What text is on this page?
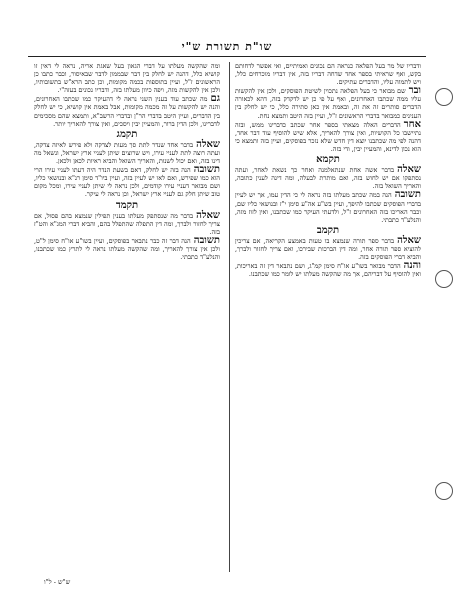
שו"ת תשורת ש"י

ודבריו של מר בעל הפלאה כנראה הם נכונים ואמיתיים, ואי אפשר לדחותם בקש, ואף שראיתי בספר אחד שדחה דבריו בזה, אין דבריו מוכרחים כלל, ויש לתמוה עליו, והדברים עתיקים.

וברשם מבואר כי בעל הפלאה נתכוין לשיטת הפוסקים, ולכן אין להקשות עליו ממה שכתבו האחרונים, ואף על פי כן יש לדקדק בזה, דהא לכאורה הדברים סותרים זה את זה, ובאמת אין כאן סתירה כלל, כי יש לחלק בין הענינים כמבואר בדברי הראשונים ז"ל, ועיין בזה היטב ותמצא נחת.

אחרהדברים האלה מצאתי בספר אחר שכתב כדברינו ממש, ובזה נתיישבו כל הקושיות, ואין צורך להאריך, אלא שיש להוסיף עוד דבר אחד, דהנה לפי מה שכתבנו יוצא דין חדש שלא נזכר בפוסקים, ועיין בזה ותמצא כי הוא נכון לדינא, והמעיין יבין, ודי בזה.

תקמא

שאלהבדבר אשה אחת שנתאלמנה ואחר כך נשאת לאחר, ועתה נסתפקו אם יש לחוש בזה, ואם מותרת לבעלה, ומה דינה לענין כתובה, והאריך השואל בזה.

תשובההנה במה שכתב מעלתו בזה נראה לי כי הדין עמו, אך יש לעיין בדברי הפוסקים שכתבו להיפך, ועיין בש"ע אה"ע סימן י"ז ובנושאי כליו שם, וכבר האריכו בזה האחרונים ז"ל, ולדעתי העיקר כמו שכתבנו, ואין לזוז מזה, והנלע"ד כתבתי.

תקמב

שאלהבדבר ספר תורה שנמצא בו טעות באמצע הקריאה, אם צריכין להוציא ספר תורה אחר, ומה דין הברכות שבירכו, ואם צריך לחזור ולברך, והביא דברי הפוסקים בזה.

והנההדבר מבואר בשו"ע או"ח סימן קמ"ג, ושם נתבאר דין זה באריכות, ואין להוסיף על דבריהם, אך מה שהקשה מעלתו יש לומר כמו שכתבנו.

ומה שהקשה מעלתו על דברי הגאון בעל שאגת אריה, נראה לי דאין זו קושיא כלל, דהנה יש לחלק בין דבר שבממון לדבר שבאיסור, וכבר כתבו כן הראשונים ז"ל, ועיין בתוספות בכמה מקומות, וכן כתב הרא"ש בתשובותיו, ולכן אין להקשות מזה, ויפה כיוון מעלתו בזה, ודבריו נכונים בעזה"י.

גםמה שכתב עוד בענין השני נראה לי דהעיקר כמו שכתבו האחרונים, והנה יש להקשות על זה מכמה מקומות, אבל באמת אין קושיא, כי יש לחלק בין הדברים, ועיין היטב בדברי הר"ן ובדברי הרשב"א, ותמצא שהם מסכימים לדברינו, ולכן הדין ברור, והמעיין יבין ויסכים, ואין צורך להאריך יותר.

תקמג

שאלהבדבר אחד שנדר לתת סך מעות לצדקה ולא פירש לאיזה צדקה, ועתה רוצה לתת לעניי עירו, ויש שרוצים שיתן לעניי ארץ ישראל, ונשאל מה דינו בזה, ואם יכול לשנות, והאריך השואל והביא ראיות לכאן ולכאן.

תשובההנה בזה יש לחלק, דאם בשעת הנדר היה דעתו לעניי עירו הרי הוא כמו שפירש, ואם לאו יש לעיין בזה, ועיין ביו"ד סימן רנ"א ובנושאי כליו, ושם מבואר דעניי עירו קודמים, ולכן נראה לי שיתן לעניי עירו, ומכל מקום טוב שיתן חלק גם לעניי ארץ ישראל, וכן נראה לי עיקר.

תקמד

שאלהבדבר מה שנסתפק מעלתו בענין תפילין שנמצא בהם פסול, אם צריך לחזור ולברך, ומה דין התפלה שהתפלל בהם, והביא דברי המג"א והט"ז בזה.

תשובההנה דבר זה כבר נתבאר בפוסקים, ועיין בשו"ע או"ח סימן ל"ט, ולכן אין צורך להאריך, ומה שהקשה מעלתו נראה לי לתרץ כמו שכתבנו, והנלע"ד כתבתי.

ש"ש - ל"ו
